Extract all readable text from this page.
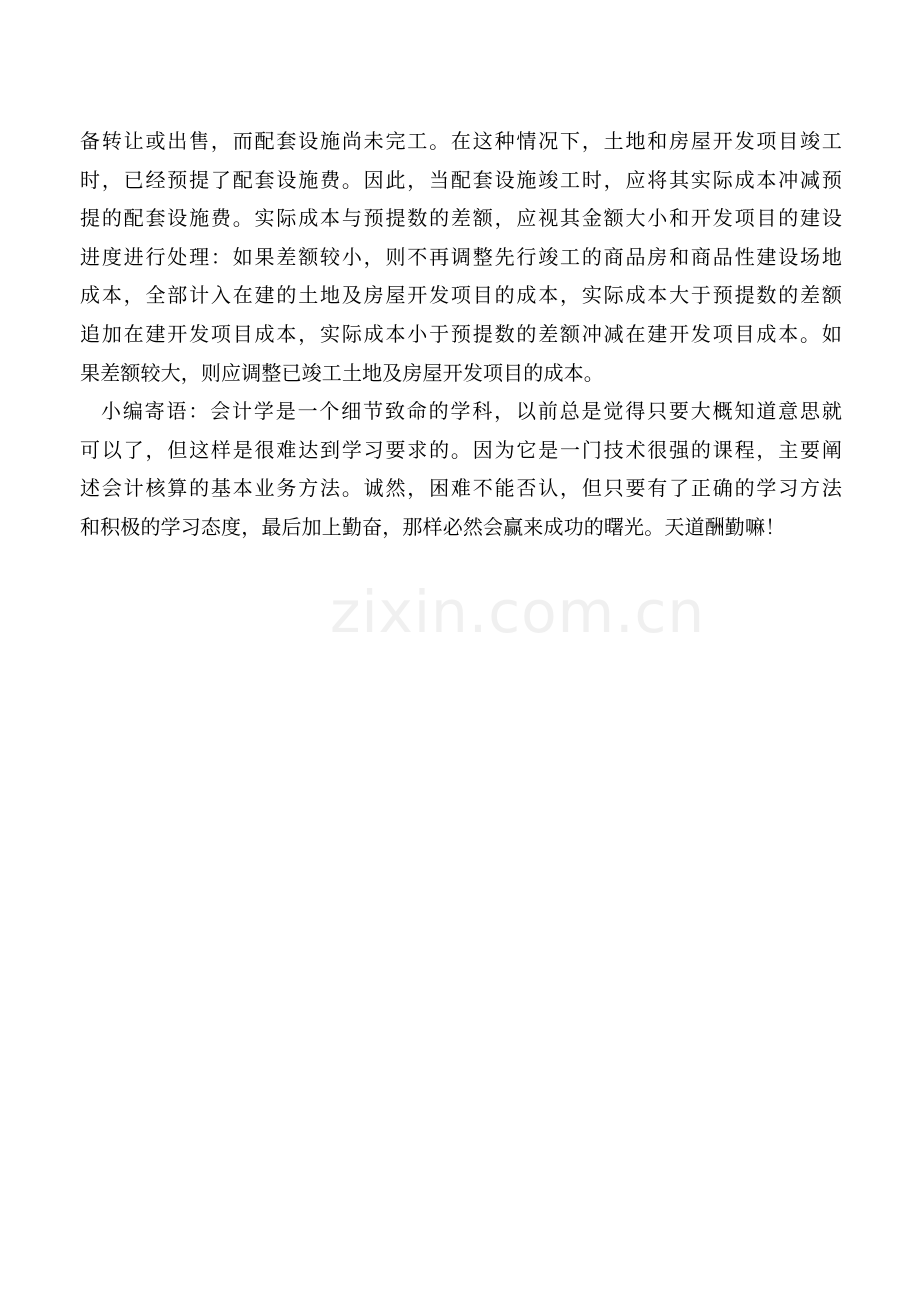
备转让或出售，而配套设施尚未完工。在这种情况下，土地和房屋开发项目竣工
时，已经预提了配套设施费。因此，当配套设施竣工时，应将其实际成本冲减预
提的配套设施费。实际成本与预提数的差额，应视其金额大小和开发项目的建设
进度进行处理：如果差额较小，则不再调整先行竣工的商品房和商品性建设场地
成本，全部计入在建的土地及房屋开发项目的成本，实际成本大于预提数的差额
追加在建开发项目成本，实际成本小于预提数的差额冲减在建开发项目成本。如
果差额较大，则应调整已竣工土地及房屋开发项目的成本。
小编寄语：会计学是一个细节致命的学科，以前总是觉得只要大概知道意思就
可以了，但这样是很难达到学习要求的。因为它是一门技术很强的课程，主要阐
述会计核算的基本业务方法。诚然，困难不能否认，但只要有了正确的学习方法
和积极的学习态度，最后加上勤奋，那样必然会赢来成功的曙光。天道酬勤嘛！
zixin.com.cn
